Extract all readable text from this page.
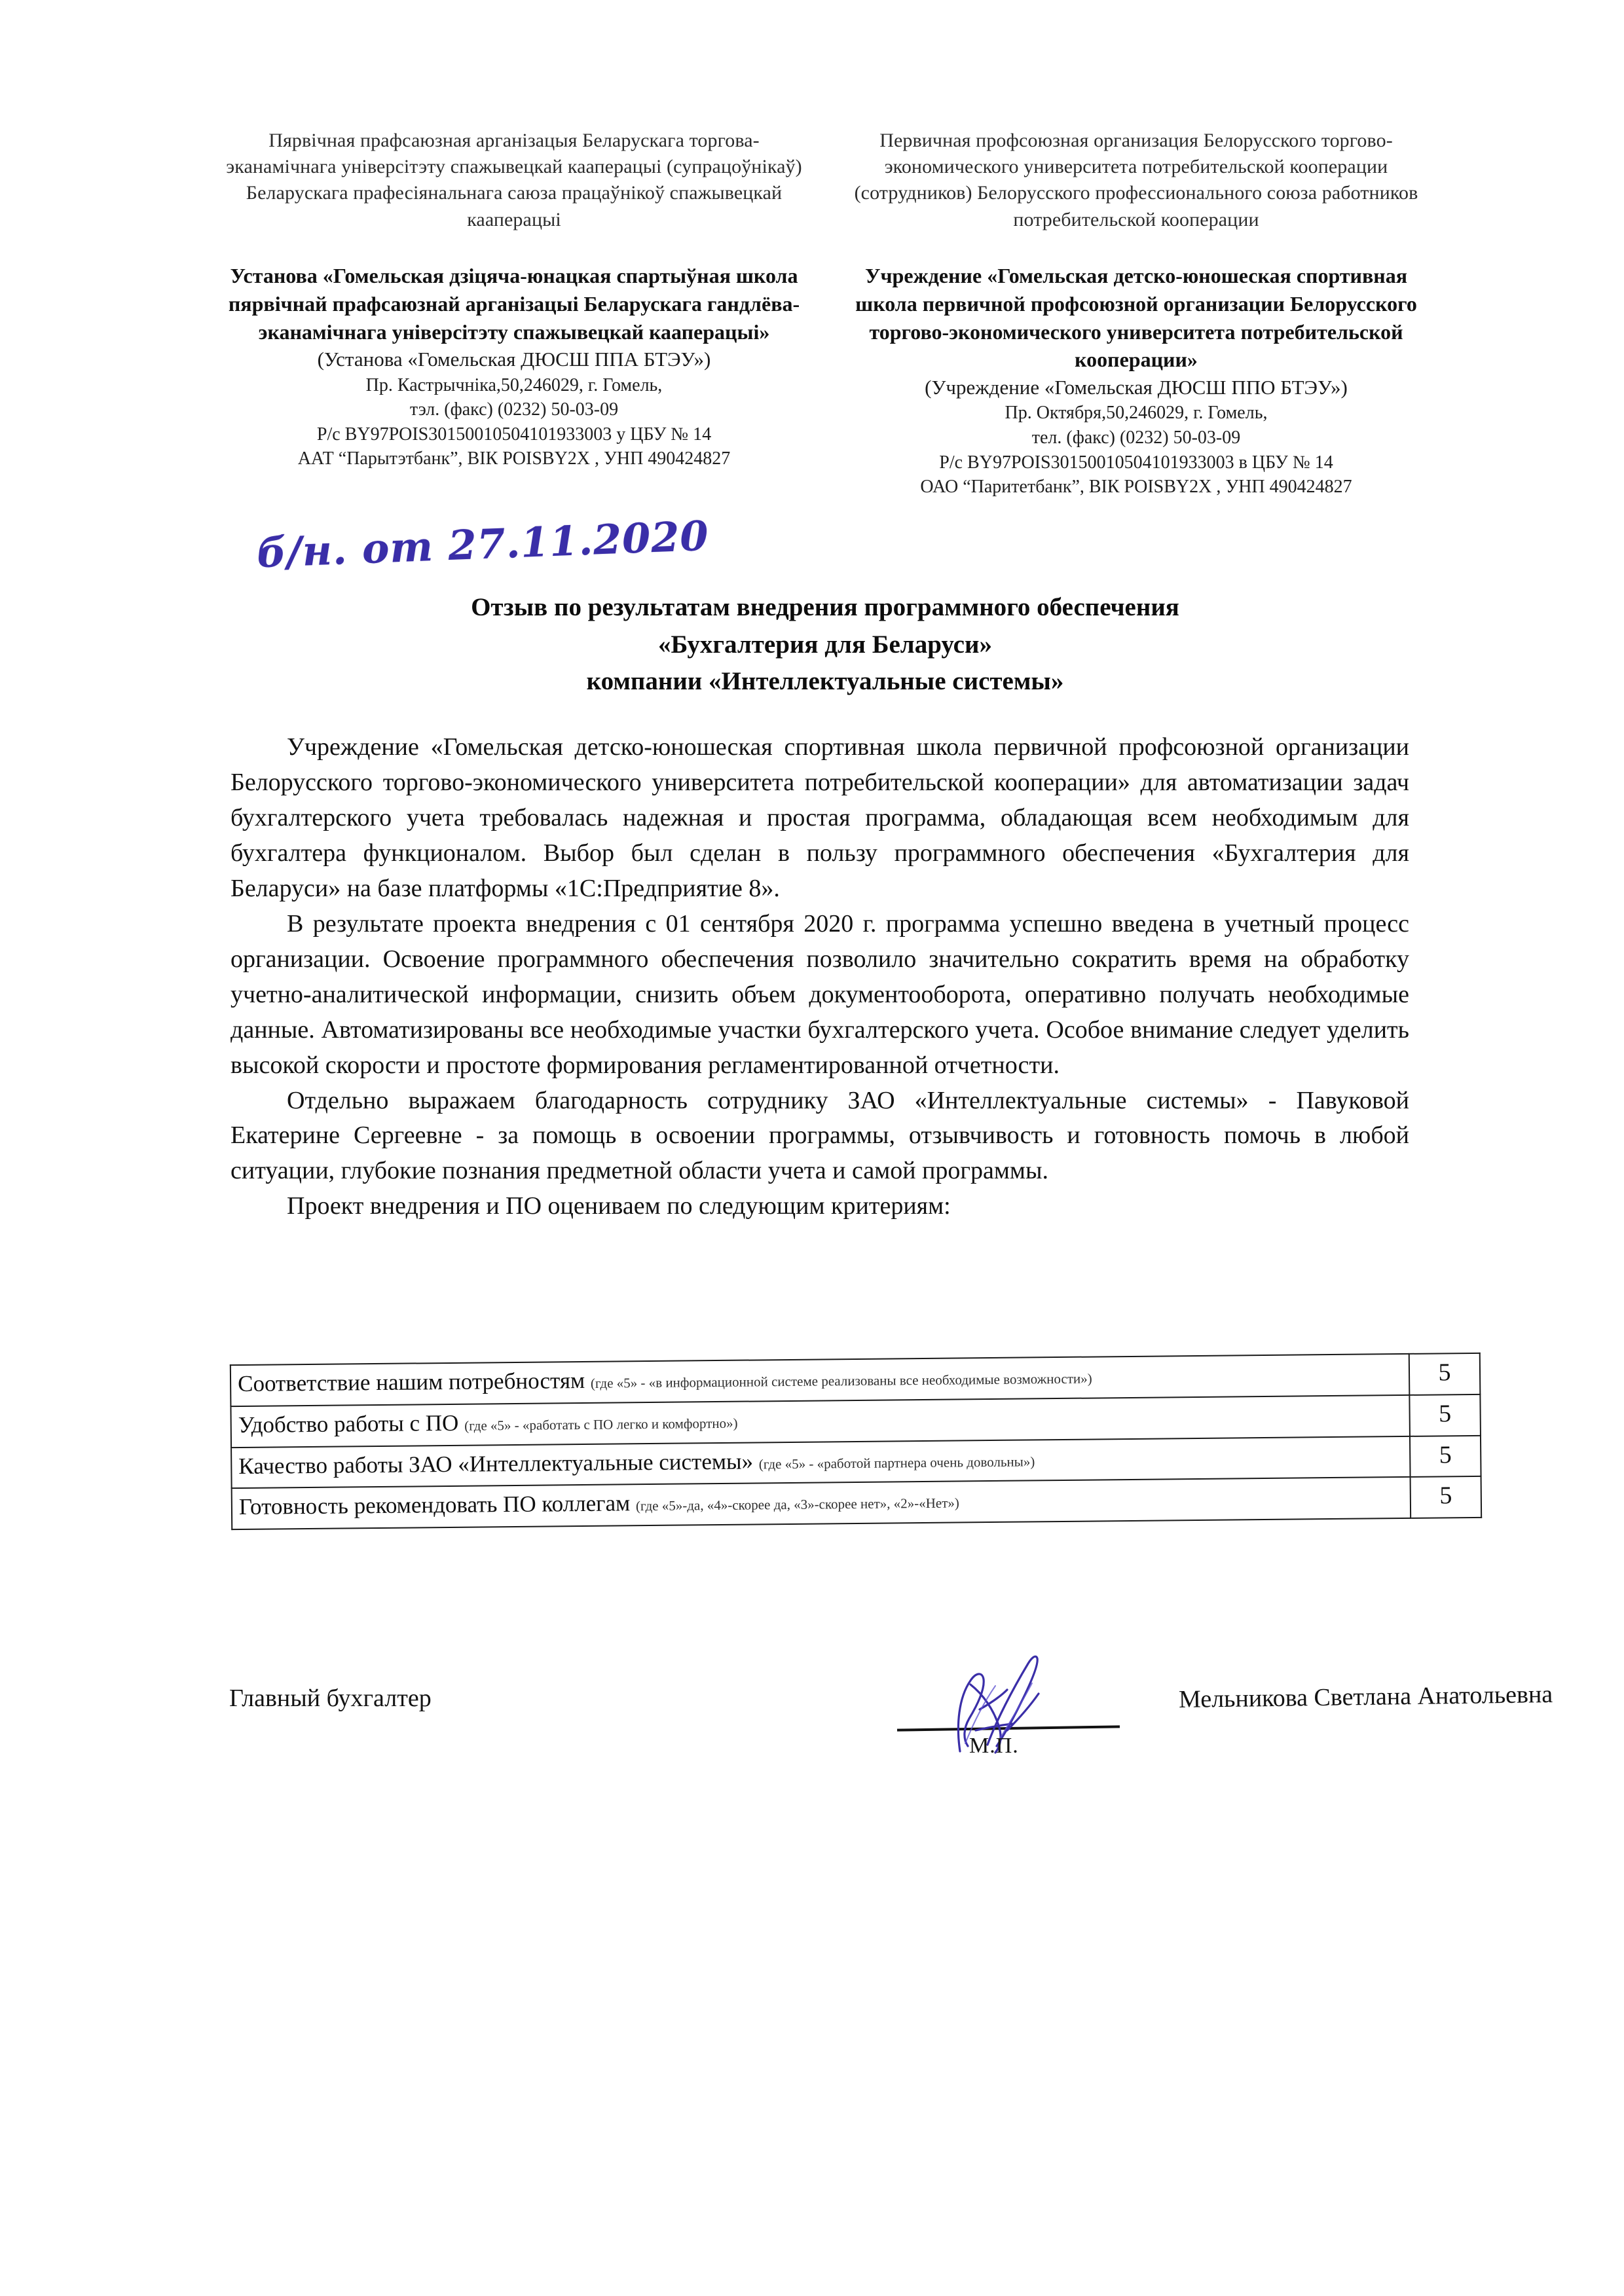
Пярвічная прафсаюзная арганізацыя Беларускага торгова-эканамічнага універсітэту спажывецкай кааперацыі (супрацоўнікаў) Беларускага прафесіянальнага саюза працаўнікоў спажывецкай кааперацыі
Установа «Гомельская дзіцяча-юнацкая спартыўная школа пярвічнай прафсаюзнай арганізацыі Беларускага гандлёва-эканамічнага універсітэту спажывецкай кааперацыі»
(Установа «Гомельская ДЮСШ ППА БТЭУ»)
Пр. Кастрычніка,50,246029, г. Гомель,
тэл. (факс) (0232) 50-03-09
Р/с BY97POIS30150010504101933003 у ЦБУ № 14
ААТ “Парытэтбанк”, ВIК POISBY2X , УНП 490424827
Первичная профсоюзная организация Белорусского торгово-экономического университета потребительской кооперации (сотрудников) Белорусского профессионального союза работников потребительской кооперации
Учреждение «Гомельская детско-юношеская спортивная школа первичной профсоюзной организации Белорусского торгово-экономического университета потребительской кооперации»
(Учреждение «Гомельская ДЮСШ ППО БТЭУ»)
Пр. Октября,50,246029, г. Гомель,
тел. (факс) (0232) 50-03-09
Р/с BY97POIS30150010504101933003 в ЦБУ № 14
ОАО “Паритетбанк”, ВIК POISBY2X , УНП 490424827
б/н. от 27.11.2020
Отзыв по результатам внедрения программного обеспечения
«Бухгалтерия для Беларуси»
компании «Интеллектуальные системы»

Учреждение «Гомельская детско-юношеская спортивная школа первичной профсоюзной организации Белорусского торгово-экономического университета потребительской кооперации» для автоматизации задач бухгалтерского учета требовалась надежная и простая программа, обладающая всем необходимым для бухгалтера функционалом. Выбор был сделан в пользу программного обеспечения «Бухгалтерия для Беларуси» на базе платформы «1С:Предприятие 8».

В результате проекта внедрения с 01 сентября 2020 г. программа успешно введена в учетный процесс организации. Освоение программного обеспечения позволило значительно сократить время на обработку учетно-аналитической информации, снизить объем документооборота, оперативно получать необходимые данные. Автоматизированы все необходимые участки бухгалтерского учета. Особое внимание следует уделить высокой скорости и простоте формирования регламентированной отчетности.

Отдельно выражаем благодарность сотруднику ЗАО «Интеллектуальные системы» - Павуковой Екатерине Сергеевне - за помощь в освоении программы, отзывчивость и готовность помочь в любой ситуации, глубокие познания предметной области учета и самой программы.

Проект внедрения и ПО оцениваем по следующим критериям:

Соответствие нашим потребностям (где «5» - «в информационной системе реализованы все необходимые возможности»)	5
Удобство работы с ПО (где «5» - «работать с ПО легко и комфортно»)	5
Качество работы ЗАО «Интеллектуальные системы» (где «5» - «работой партнера очень довольны»)	5
Готовность рекомендовать ПО коллегам (где «5»-да, «4»-скорее да, «3»-скорее нет», «2»-«Нет»)	5
Главный бухгалтер
М.П.
Мельникова Светлана Анатольевна
